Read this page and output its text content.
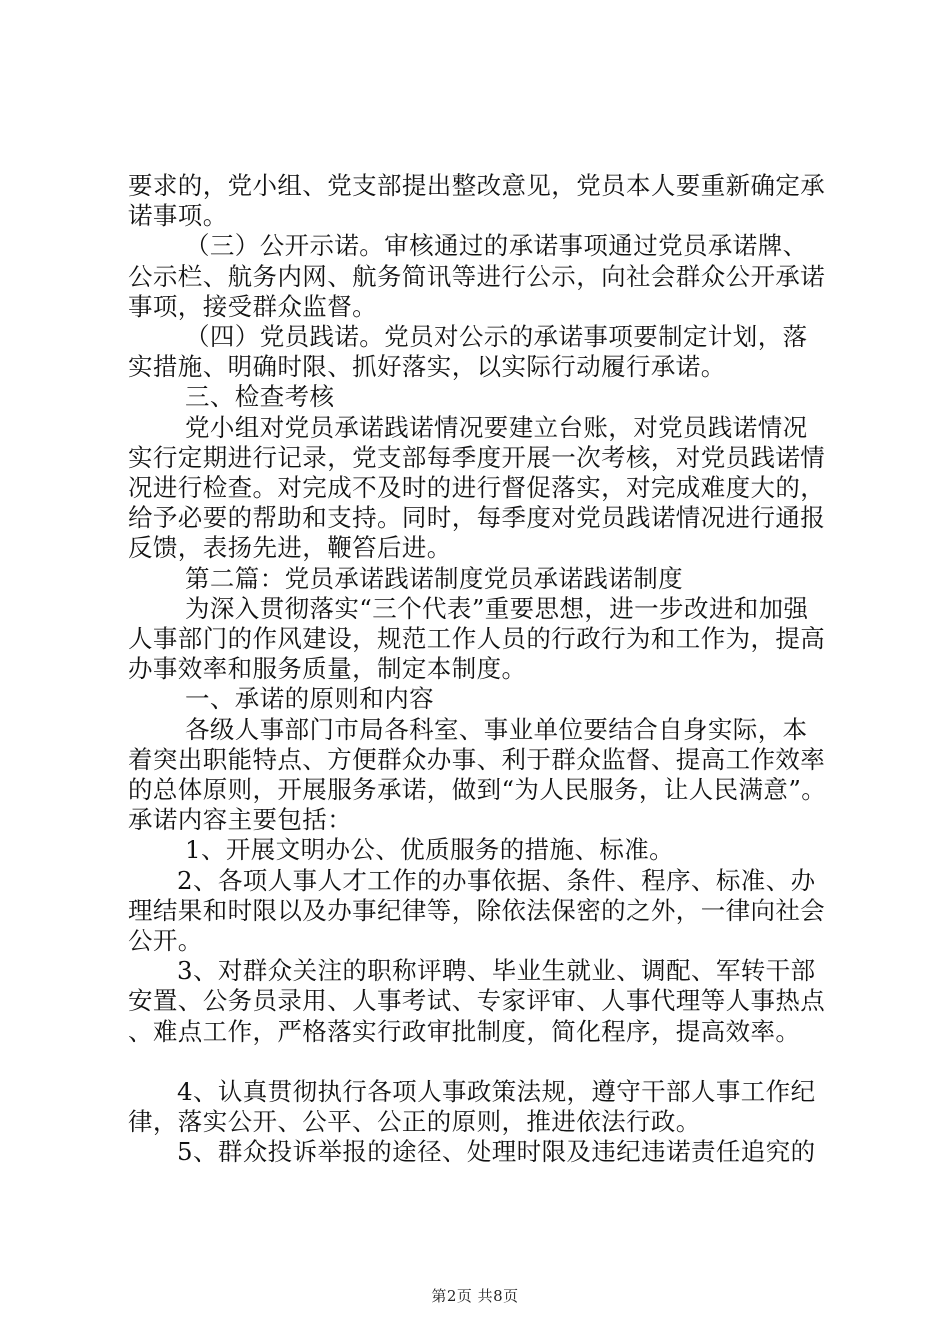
要求的，党小组、党支部提出整改意见，党员本人要重新确定承诺事项。

（三）公开示诺。审核通过的承诺事项通过党员承诺牌、公示栏、航务内网、航务简讯等进行公示，向社会群众公开承诺事项，接受群众监督。

（四）党员践诺。党员对公示的承诺事项要制定计划，落实措施、明确时限、抓好落实，以实际行动履行承诺。

三、检查考核

党小组对党员承诺践诺情况要建立台账，对党员践诺情况实行定期进行记录，党支部每季度开展一次考核，对党员践诺情况进行检查。对完成不及时的进行督促落实，对完成难度大的，给予必要的帮助和支持。同时，每季度对党员践诺情况进行通报反馈，表扬先进，鞭笞后进。

第二篇：党员承诺践诺制度党员承诺践诺制度

为深入贯彻落实“三个代表”重要思想，进一步改进和加强人事部门的作风建设，规范工作人员的行政行为和工作为，提高办事效率和服务质量，制定本制度。

一、承诺的原则和内容

各级人事部门市局各科室、事业单位要结合自身实际，本着突出职能特点、方便群众办事、利于群众监督、提高工作效率的总体原则，开展服务承诺，做到“为人民服务，让人民满意”。承诺内容主要包括：

1、开展文明办公、优质服务的措施、标准。

2、各项人事人才工作的办事依据、条件、程序、标准、办理结果和时限以及办事纪律等，除依法保密的之外，一律向社会公开。

3、对群众关注的职称评聘、毕业生就业、调配、军转干部安置、公务员录用、人事考试、专家评审、人事代理等人事热点、难点工作，严格落实行政审批制度，简化程序，提高效率。

4、认真贯彻执行各项人事政策法规，遵守干部人事工作纪律，落实公开、公平、公正的原则，推进依法行政。

5、群众投诉举报的途径、处理时限及违纪违诺责任追究的

第2页 共8页
